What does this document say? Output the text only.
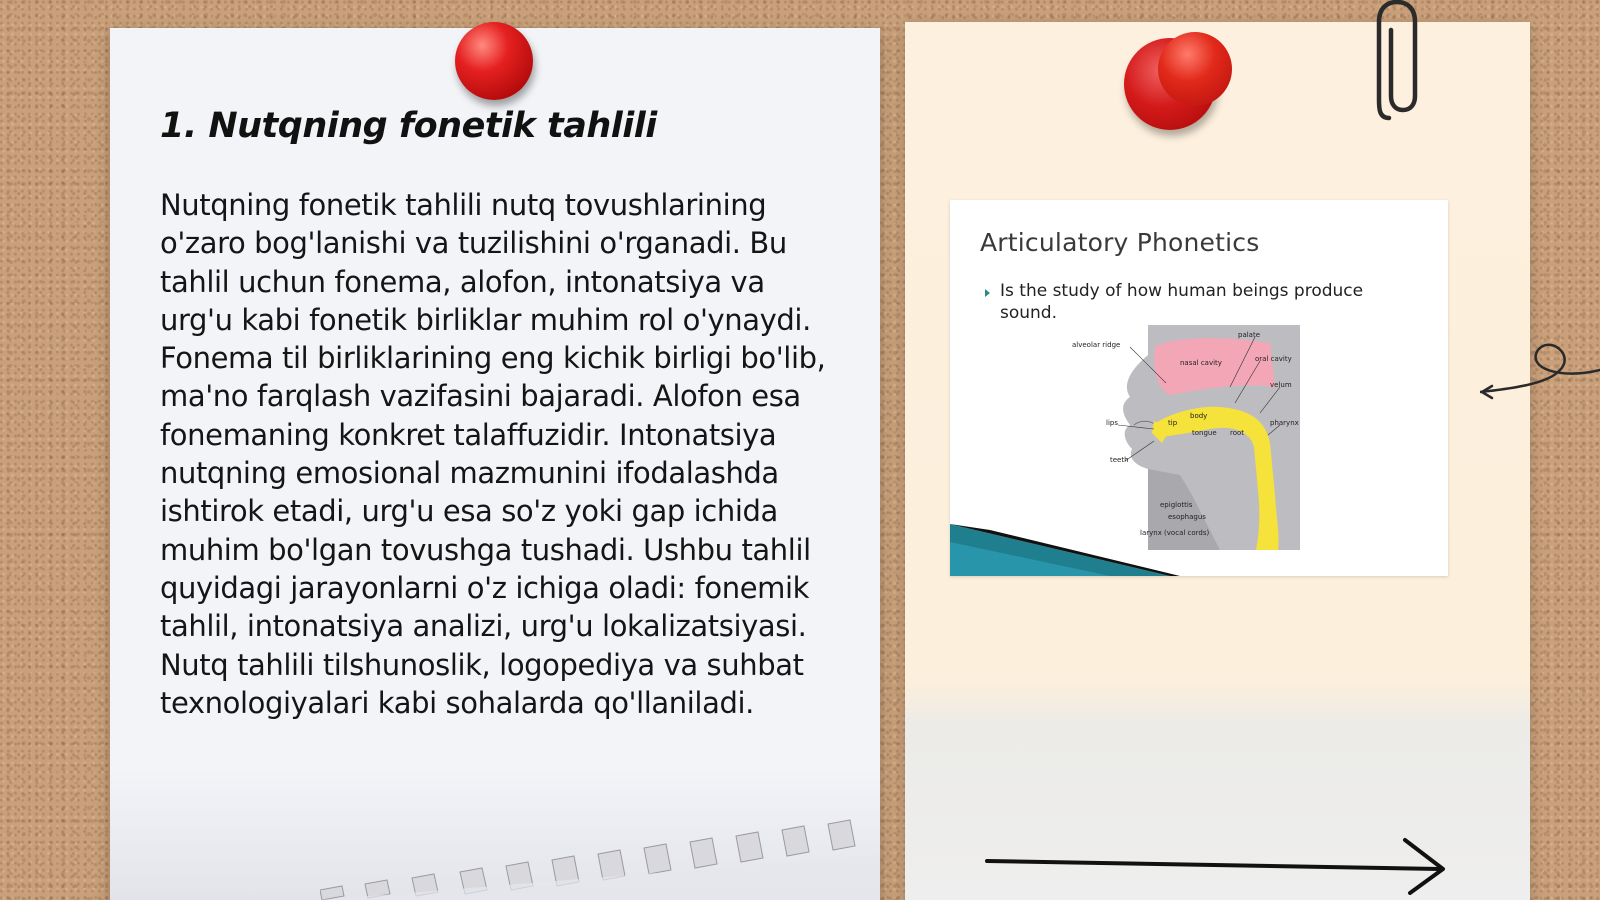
1. Nutqning fonetik tahlili

Nutqning fonetik tahlili nutq tovushlarining o'zaro bog'lanishi va tuzilishini o'rganadi. Bu tahlil uchun fonema, alofon, intonatsiya va urg'u kabi fonetik birliklar muhim rol o'ynaydi. Fonema til birliklarining eng kichik birligi bo'lib, ma'no farqlash vazifasini bajaradi. Alofon esa fonemaning konkret talaffuzidir. Intonatsiya nutqning emosional mazmunini ifodalashda ishtirok etadi, urg'u esa so'z yoki gap ichida muhim bo'lgan tovushga tushadi. Ushbu tahlil quyidagi jarayonlarni o'z ichiga oladi: fonemik tahlil, intonatsiya analizi, urg'u lokalizatsiyasi. Nutq tahlili tilshunoslik, logopediya va suhbat texnologiyalari kabi sohalarda qo'llaniladi.

Articulatory Phonetics
Is the study of how human beings produce sound.
palate
alveolar ridge
nasal cavity	oral cavity
velum
lips	tip
body
tongue root
pharynx
teeth
epiglottis
esophagus
larynx (vocal cords)
